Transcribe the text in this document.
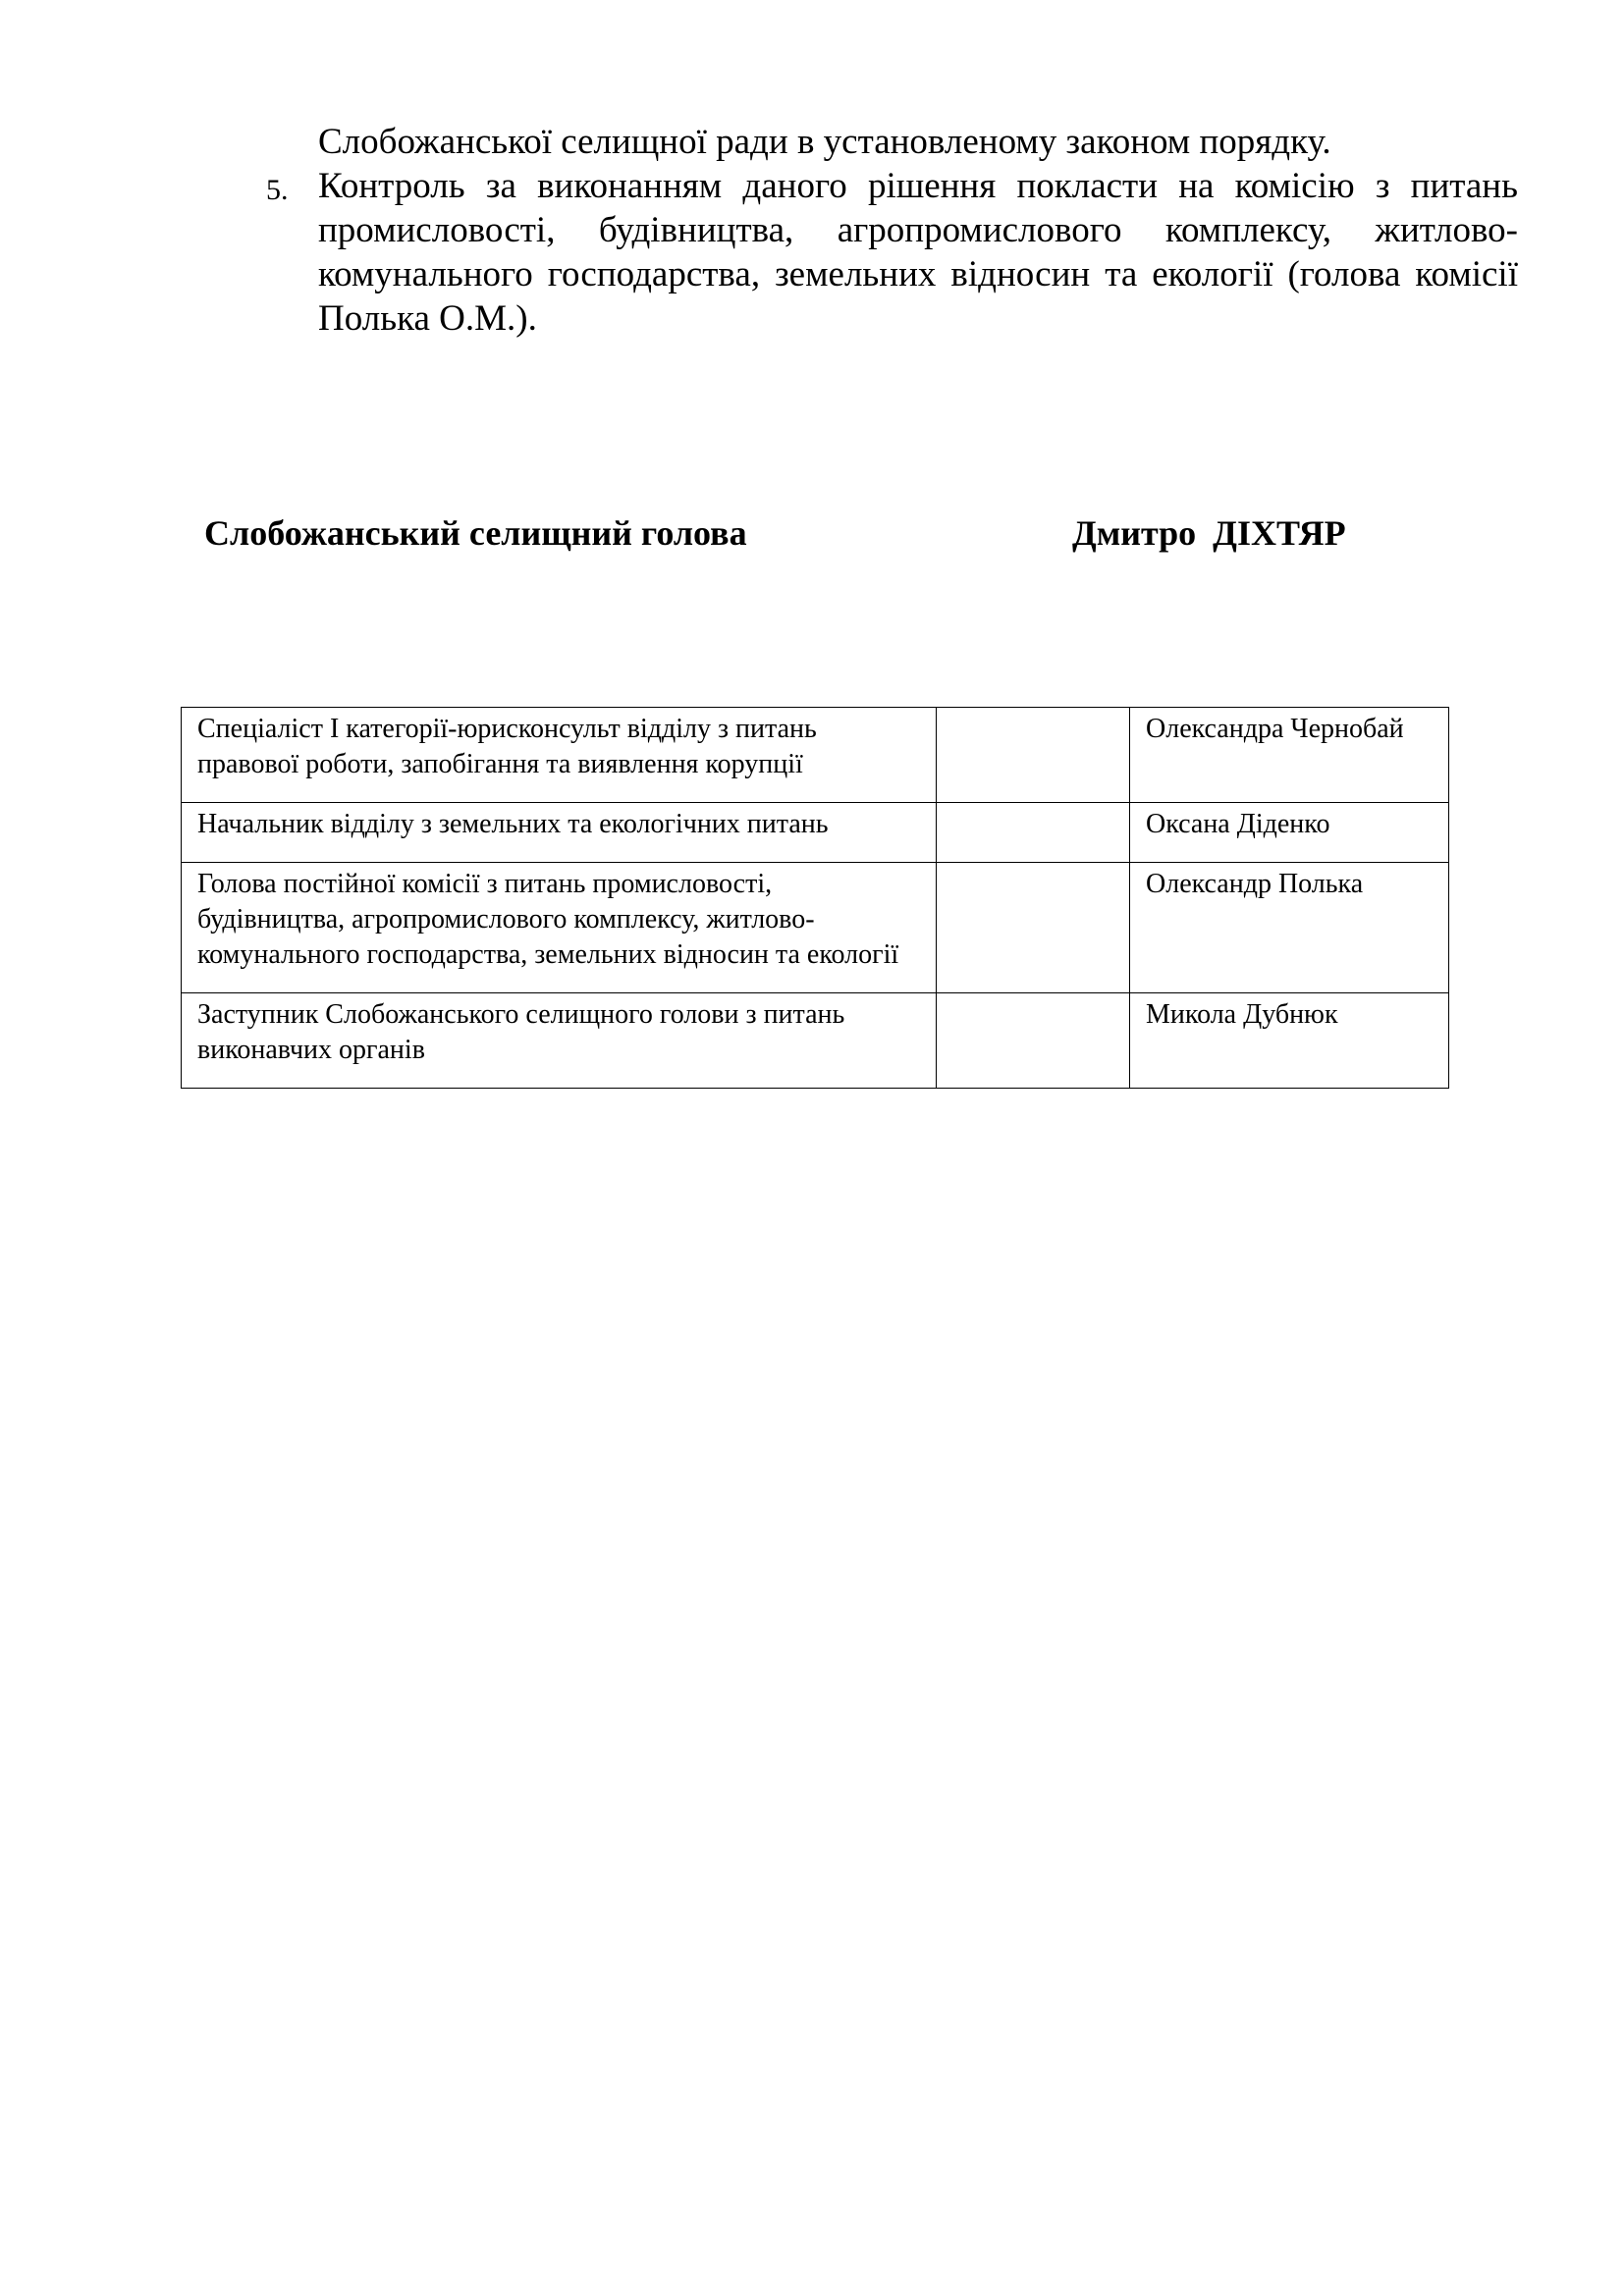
Слобожанської селищної ради в установленому законом порядку.
5. Контроль за виконанням даного рішення покласти на комісію з питань промисловості, будівництва, агропромислового комплексу, житлово-комунального господарства, земельних відносин та екології (голова комісії Полька О.М.).
Слобожанський селищний голова	Дмитро ДІХТЯР
Спеціаліст І категорії-юрисконсульт відділу з питань правової роботи, запобігання та виявлення корупції		Олександра Чернобай
Начальник відділу з земельних та екологічних питань		Оксана Діденко
Голова постійної комісії з питань промисловості, будівництва, агропромислового комплексу, житлово-комунального господарства, земельних відносин та екології		Олександр Полька
Заступник Слобожанського селищного голови з питань виконавчих органів		Микола Дубнюк
